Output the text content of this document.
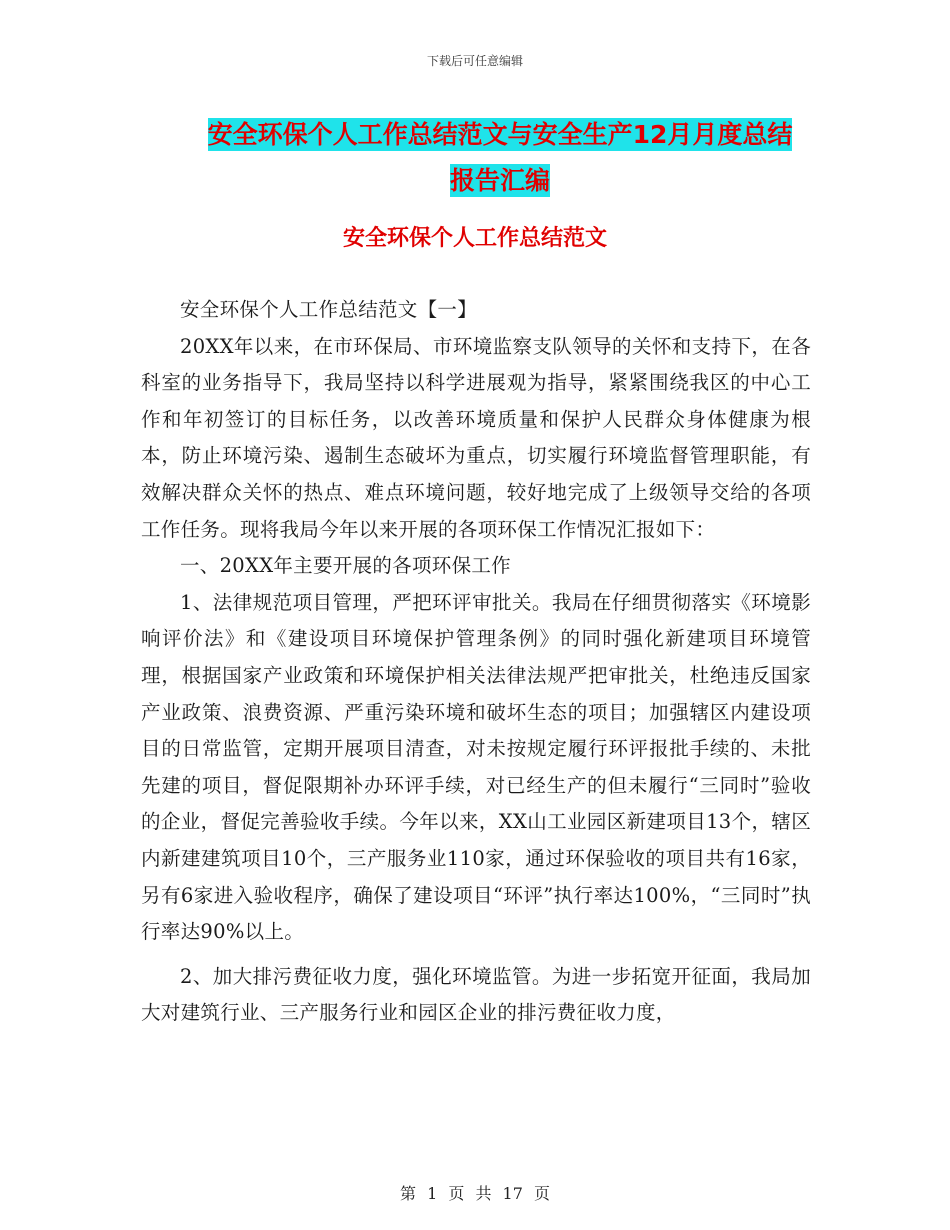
下载后可任意编辑
安全环保个人工作总结范文与安全生产12月月度总结
报告汇编
安全环保个人工作总结范文

安全环保个人工作总结范文【一】

20XX年以来，在市环保局、市环境监察支队领导的关怀和支持下，在各科室的业务指导下，我局坚持以科学进展观为指导，紧紧围绕我区的中心工作和年初签订的目标任务，以改善环境质量和保护人民群众身体健康为根本，防止环境污染、遏制生态破坏为重点，切实履行环境监督管理职能，有效解决群众关怀的热点、难点环境问题，较好地完成了上级领导交给的各项工作任务。现将我局今年以来开展的各项环保工作情况汇报如下：

一、20XX年主要开展的各项环保工作

1、法律规范项目管理，严把环评审批关。我局在仔细贯彻落实《环境影响评价法》和《建设项目环境保护管理条例》的同时强化新建项目环境管理，根据国家产业政策和环境保护相关法律法规严把审批关，杜绝违反国家产业政策、浪费资源、严重污染环境和破坏生态的项目；加强辖区内建设项目的日常监管，定期开展项目清查，对未按规定履行环评报批手续的、未批先建的项目，督促限期补办环评手续，对已经生产的但未履行“三同时”验收的企业，督促完善验收手续。今年以来，XX山工业园区新建项目13个，辖区内新建建筑项目10个，三产服务业110家，通过环保验收的项目共有16家，另有6家进入验收程序，确保了建设项目“环评”执行率达100%，“三同时”执行率达90%以上。

2、加大排污费征收力度，强化环境监管。为进一步拓宽开征面，我局加大对建筑行业、三产服务行业和园区企业的排污费征收力度，

第 1 页 共 17 页
